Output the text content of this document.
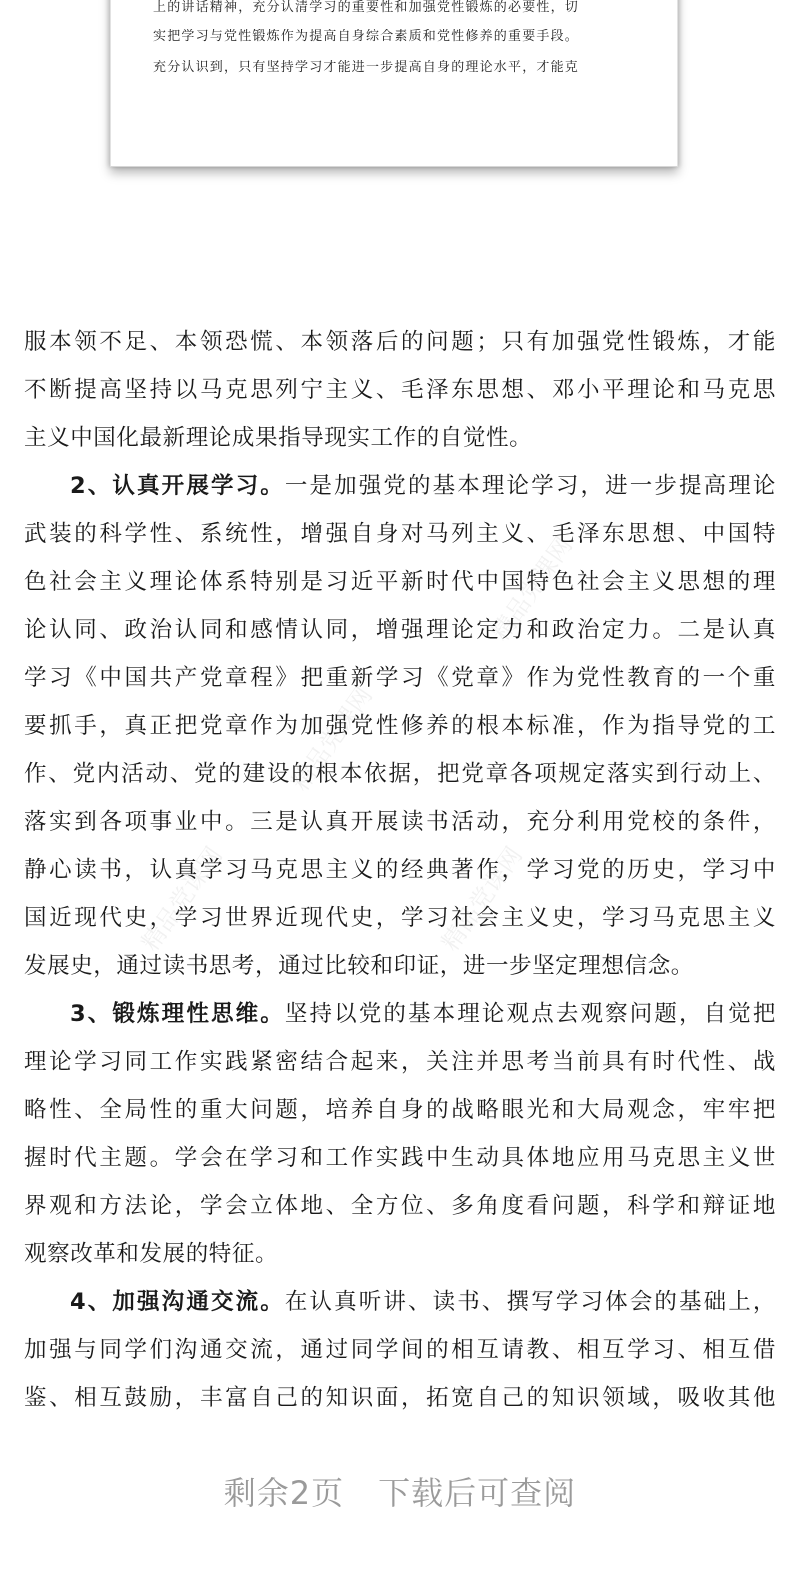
上的讲话精神，充分认清学习的重要性和加强党性锻炼的必要性，切
实把学习与党性锻炼作为提高自身综合素质和党性修养的重要手段。
充分认识到，只有坚持学习才能进一步提高自身的理论水平，才能克
精品党课网
精品党课网
精品党课网	精品党课网
服本领不足、本领恐慌、本领落后的问题；只有加强党性锻炼，才能
不断提高坚持以马克思列宁主义、毛泽东思想、邓小平理论和马克思
主义中国化最新理论成果指导现实工作的自觉性。
2、认真开展学习。一是加强党的基本理论学习，进一步提高理论
武装的科学性、系统性，增强自身对马列主义、毛泽东思想、中国特
色社会主义理论体系特别是习近平新时代中国特色社会主义思想的理
论认同、政治认同和感情认同，增强理论定力和政治定力。二是认真
学习《中国共产党章程》把重新学习《党章》作为党性教育的一个重
要抓手，真正把党章作为加强党性修养的根本标准，作为指导党的工
作、党内活动、党的建设的根本依据，把党章各项规定落实到行动上、
落实到各项事业中。三是认真开展读书活动，充分利用党校的条件，
静心读书，认真学习马克思主义的经典著作，学习党的历史，学习中
国近现代史，学习世界近现代史，学习社会主义史，学习马克思主义
发展史，通过读书思考，通过比较和印证，进一步坚定理想信念。
3、锻炼理性思维。坚持以党的基本理论观点去观察问题，自觉把
理论学习同工作实践紧密结合起来，关注并思考当前具有时代性、战
略性、全局性的重大问题，培养自身的战略眼光和大局观念，牢牢把
握时代主题。学会在学习和工作实践中生动具体地应用马克思主义世
界观和方法论，学会立体地、全方位、多角度看问题，科学和辩证地
观察改革和发展的特征。
4、加强沟通交流。在认真听讲、读书、撰写学习体会的基础上，
加强与同学们沟通交流，通过同学间的相互请教、相互学习、相互借
鉴、相互鼓励，丰富自己的知识面，拓宽自己的知识领域，吸收其他
剩余2页 下载后可查阅
